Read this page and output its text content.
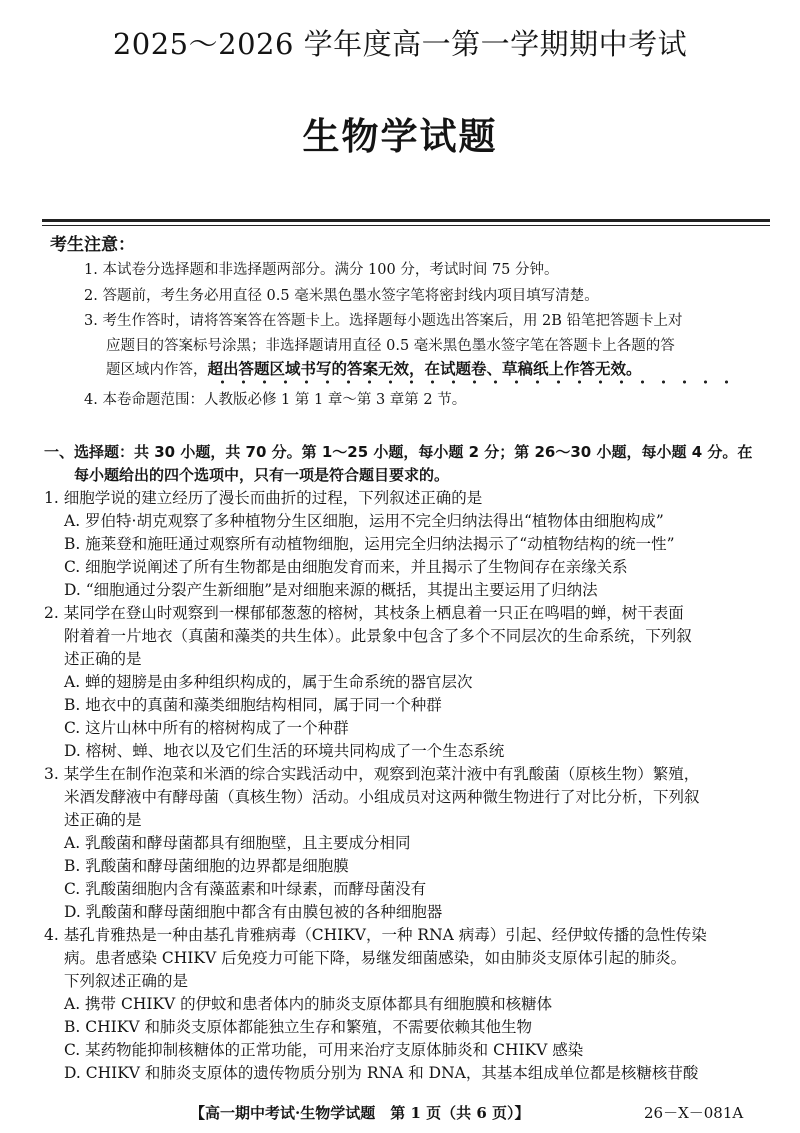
2025～2026 学年度高一第一学期期中考试
生物学试题
考生注意：
1. 本试卷分选择题和非选择题两部分。满分 100 分，考试时间 75 分钟。
2. 答题前，考生务必用直径 0.5 毫米黑色墨水签字笔将密封线内项目填写清楚。
3. 考生作答时，请将答案答在答题卡上。选择题每小题选出答案后，用 2B 铅笔把答题卡上对
应题目的答案标号涂黑；非选择题请用直径 0.5 毫米黑色墨水签字笔在答题卡上各题的答
题区域内作答，超出答题区域书写的答案无效，在试题卷、草稿纸上作答无效。
4. 本卷命题范围：人教版必修 1 第 1 章～第 3 章第 2 节。
一、选择题：共 30 小题，共 70 分。第 1～25 小题，每小题 2 分；第 26～30 小题，每小题 4 分。在
每小题给出的四个选项中，只有一项是符合题目要求的。
1. 细胞学说的建立经历了漫长而曲折的过程，下列叙述正确的是
A. 罗伯特·胡克观察了多种植物分生区细胞，运用不完全归纳法得出“植物体由细胞构成”
B. 施莱登和施旺通过观察所有动植物细胞，运用完全归纳法揭示了“动植物结构的统一性”
C. 细胞学说阐述了所有生物都是由细胞发育而来，并且揭示了生物间存在亲缘关系
D. “细胞通过分裂产生新细胞”是对细胞来源的概括，其提出主要运用了归纳法
2. 某同学在登山时观察到一棵郁郁葱葱的榕树，其枝条上栖息着一只正在鸣唱的蝉，树干表面
附着着一片地衣（真菌和藻类的共生体）。此景象中包含了多个不同层次的生命系统，下列叙
述正确的是
A. 蝉的翅膀是由多种组织构成的，属于生命系统的器官层次
B. 地衣中的真菌和藻类细胞结构相同，属于同一个种群
C. 这片山林中所有的榕树构成了一个种群
D. 榕树、蝉、地衣以及它们生活的环境共同构成了一个生态系统
3. 某学生在制作泡菜和米酒的综合实践活动中，观察到泡菜汁液中有乳酸菌（原核生物）繁殖，
米酒发酵液中有酵母菌（真核生物）活动。小组成员对这两种微生物进行了对比分析，下列叙
述正确的是
A. 乳酸菌和酵母菌都具有细胞壁，且主要成分相同
B. 乳酸菌和酵母菌细胞的边界都是细胞膜
C. 乳酸菌细胞内含有藻蓝素和叶绿素，而酵母菌没有
D. 乳酸菌和酵母菌细胞中都含有由膜包被的各种细胞器
4. 基孔肯雅热是一种由基孔肯雅病毒（CHIKV，一种 RNA 病毒）引起、经伊蚊传播的急性传染
病。患者感染 CHIKV 后免疫力可能下降，易继发细菌感染，如由肺炎支原体引起的肺炎。
下列叙述正确的是
A. 携带 CHIKV 的伊蚊和患者体内的肺炎支原体都具有细胞膜和核糖体
B. CHIKV 和肺炎支原体都能独立生存和繁殖，不需要依赖其他生物
C. 某药物能抑制核糖体的正常功能，可用来治疗支原体肺炎和 CHIKV 感染
D. CHIKV 和肺炎支原体的遗传物质分别为 RNA 和 DNA，其基本组成单位都是核糖核苷酸
【高一期中考试·生物学试题　第 1 页（共 6 页）】	26－X－081A
